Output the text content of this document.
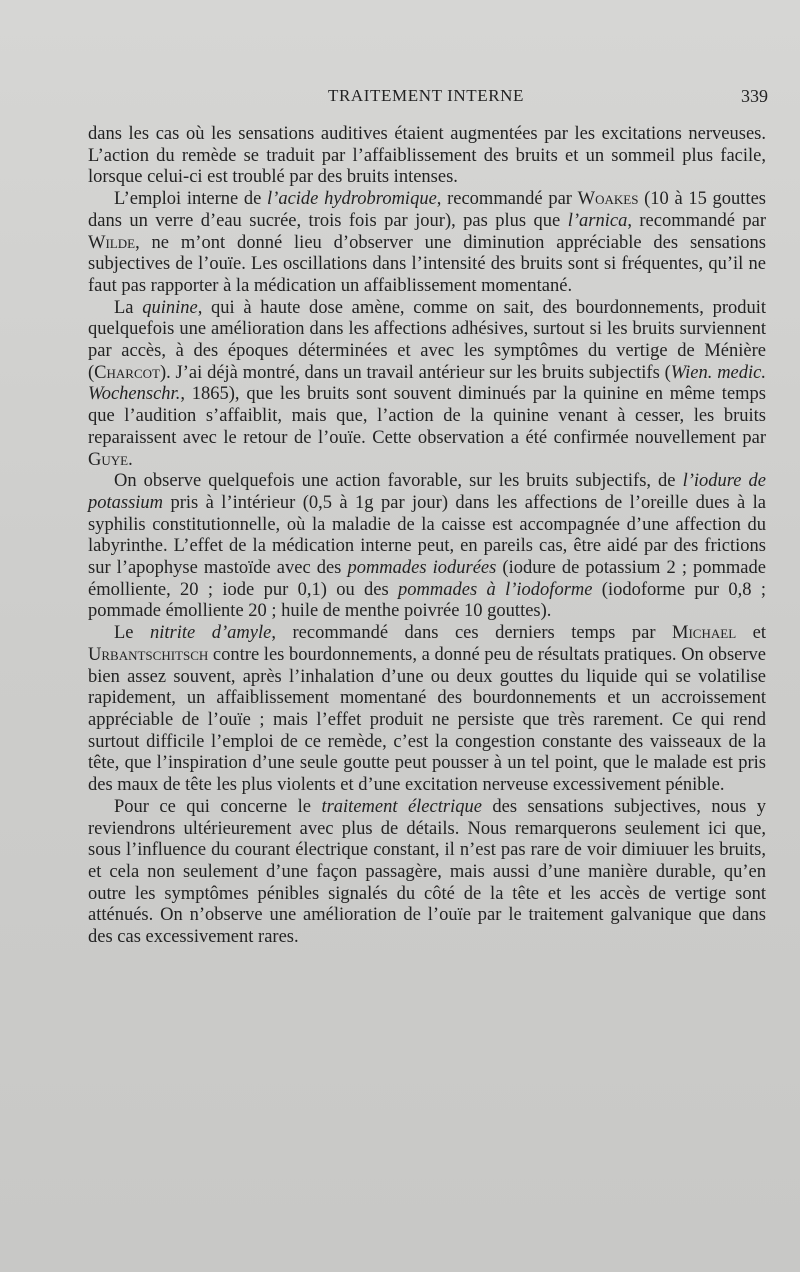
TRAITEMENT INTERNE	339

dans les cas où les sensations auditives étaient augmentées par les excitations nerveuses. L’action du remède se traduit par l’affaiblissement des bruits et un sommeil plus facile, lorsque celui-ci est troublé par des bruits intenses.

L’emploi interne de l’acide hydrobromique, recommandé par Woakes (10 à 15 gouttes dans un verre d’eau sucrée, trois fois par jour), pas plus que l’arnica, recommandé par Wilde, ne m’ont donné lieu d’observer une diminution appréciable des sensations subjectives de l’ouïe. Les oscillations dans l’intensité des bruits sont si fréquentes, qu’il ne faut pas rapporter à la médication un affaiblissement momentané.

La quinine, qui à haute dose amène, comme on sait, des bourdonnements, produit quelquefois une amélioration dans les affections adhésives, surtout si les bruits surviennent par accès, à des époques déterminées et avec les symptômes du vertige de Ménière (Charcot). J’ai déjà montré, dans un travail antérieur sur les bruits subjectifs (Wien. medic. Wochenschr., 1865), que les bruits sont souvent diminués par la quinine en même temps que l’audition s’affaiblit, mais que, l’action de la quinine venant à cesser, les bruits reparaissent avec le retour de l’ouïe. Cette observation a été confirmée nouvellement par Guye.

On observe quelquefois une action favorable, sur les bruits subjectifs, de l’iodure de potassium pris à l’intérieur (0,5 à 1g par jour) dans les affections de l’oreille dues à la syphilis constitutionnelle, où la maladie de la caisse est accompagnée d’une affection du labyrinthe. L’effet de la médication interne peut, en pareils cas, être aidé par des frictions sur l’apophyse mastoïde avec des pommades iodurées (iodure de potassium 2 ; pommade émolliente, 20 ; iode pur 0,1) ou des pommades à l’iodoforme (iodoforme pur 0,8 ; pommade émolliente 20 ; huile de menthe poivrée 10 gouttes).

Le nitrite d’amyle, recommandé dans ces derniers temps par Michael et Urbantschitsch contre les bourdonnements, a donné peu de résultats pratiques. On observe bien assez souvent, après l’inhalation d’une ou deux gouttes du liquide qui se volatilise rapidement, un affaiblissement momentané des bourdonnements et un accroissement appréciable de l’ouïe ; mais l’effet produit ne persiste que très rarement. Ce qui rend surtout difficile l’emploi de ce remède, c’est la congestion constante des vaisseaux de la tête, que l’inspiration d’une seule goutte peut pousser à un tel point, que le malade est pris des maux de tête les plus violents et d’une excitation nerveuse excessivement pénible.

Pour ce qui concerne le traitement électrique des sensations subjectives, nous y reviendrons ultérieurement avec plus de détails. Nous remarquerons seulement ici que, sous l’influence du courant électrique constant, il n’est pas rare de voir dimiuuer les bruits, et cela non seulement d’une façon passagère, mais aussi d’une manière durable, qu’en outre les symptômes pénibles signalés du côté de la tête et les accès de vertige sont atténués. On n’observe une amélioration de l’ouïe par le traitement galvanique que dans des cas excessivement rares.
